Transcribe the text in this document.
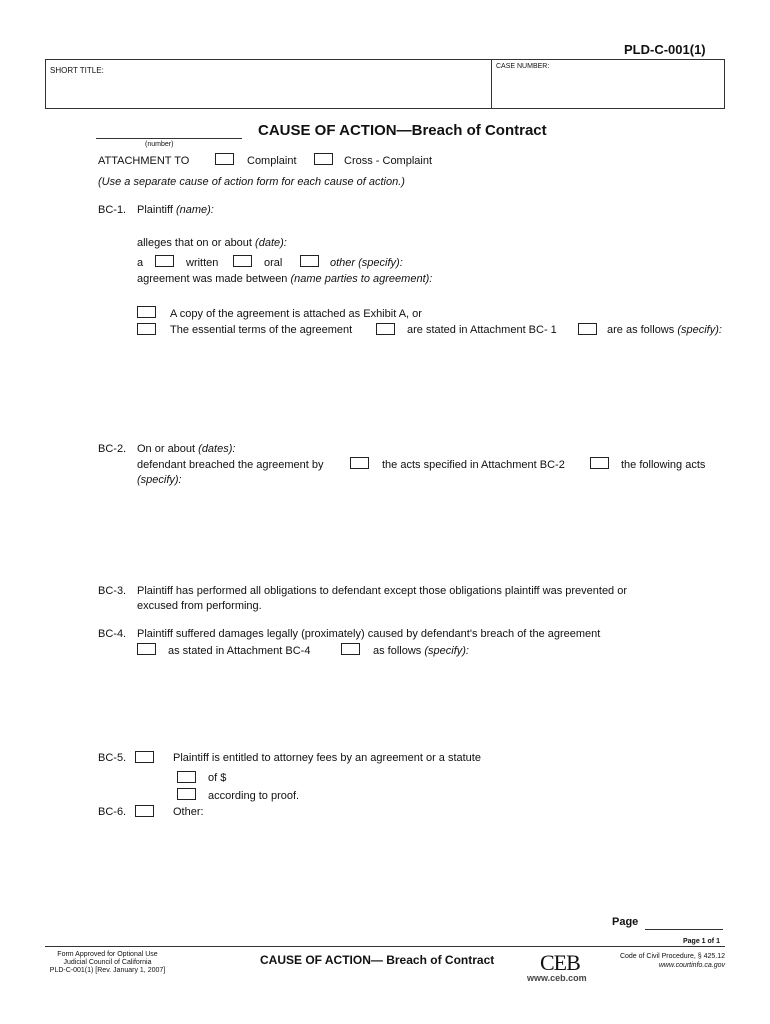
PLD-C-001(1)
SHORT TITLE:	CASE NUMBER:
(number)
CAUSE OF ACTION—Breach of Contract
ATTACHMENT TO	Complaint	Cross - Complaint
(Use a separate cause of action form for each cause of action.)
BC-1. Plaintiff (name):
alleges that on or about (date):
a	written	oral	other (specify):
agreement was made between (name parties to agreement):
A copy of the agreement is attached as Exhibit A, or
The essential terms of the agreement	are stated in Attachment BC- 1	are as follows (specify):
BC-2. On or about (dates):
defendant breached the agreement by	the acts specified in Attachment BC-2	the following acts
(specify):
BC-3. Plaintiff has performed all obligations to defendant except those obligations plaintiff was prevented or
excused from performing.
BC-4. Plaintiff suffered damages legally (proximately) caused by defendant's breach of the agreement
as stated in Attachment BC-4	as follows (specify):
BC-5.	Plaintiff is entitled to attorney fees by an agreement or a statute
of $
according to proof.
BC-6.	Other:
Page
Page 1 of 1
Form Approved for Optional Use
Judicial Council of California
PLD-C-001(1) [Rev. January 1, 2007]
CAUSE OF ACTION— Breach of Contract CEB
www.ceb.com
Code of Civil Procedure, § 425.12
www.courtinfo.ca.gov
